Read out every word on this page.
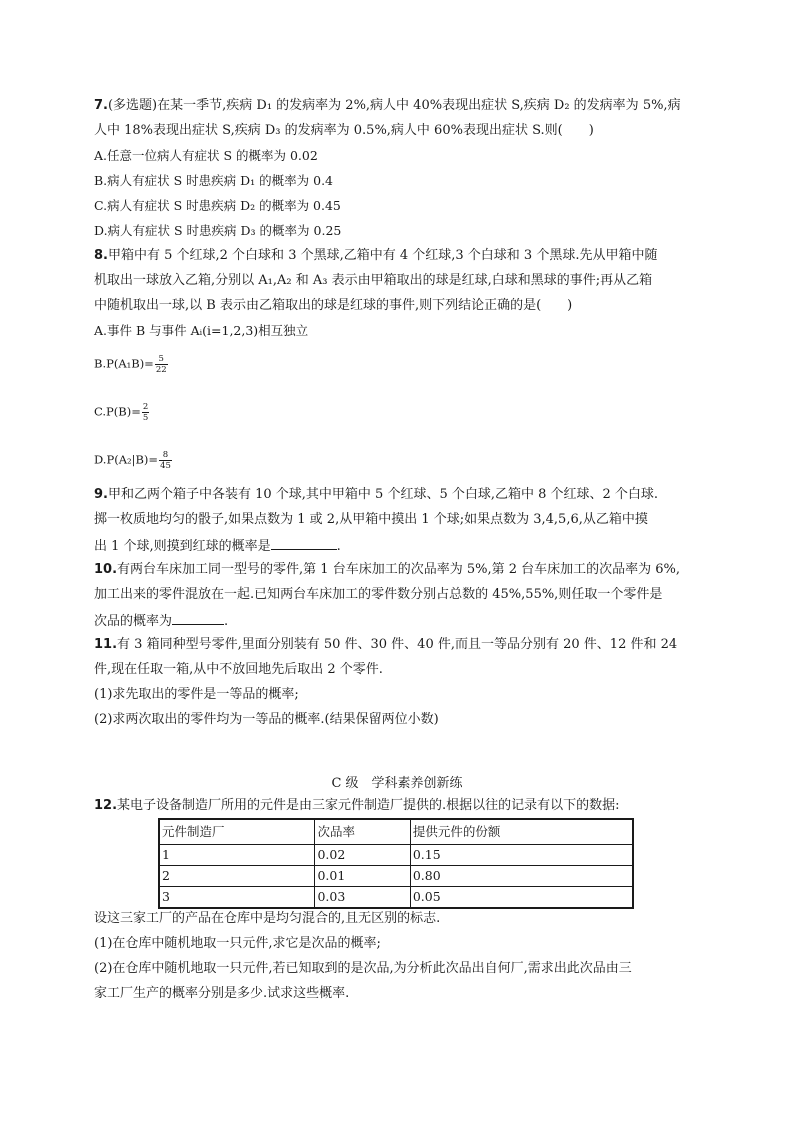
7.(多选题)在某一季节,疾病 D₁ 的发病率为 2%,病人中 40%表现出症状 S,疾病 D₂ 的发病率为 5%,病
人中 18%表现出症状 S,疾病 D₃ 的发病率为 0.5%,病人中 60%表现出症状 S.则(　　)
A.任意一位病人有症状 S 的概率为 0.02
B.病人有症状 S 时患疾病 D₁ 的概率为 0.4
C.病人有症状 S 时患疾病 D₂ 的概率为 0.45
D.病人有症状 S 时患疾病 D₃ 的概率为 0.25
8.甲箱中有 5 个红球,2 个白球和 3 个黑球,乙箱中有 4 个红球,3 个白球和 3 个黑球.先从甲箱中随
机取出一球放入乙箱,分别以 A₁,A₂ 和 A₃ 表示由甲箱取出的球是红球,白球和黑球的事件;再从乙箱
中随机取出一球,以 B 表示由乙箱取出的球是红球的事件,则下列结论正确的是(　　)
A.事件 B 与事件 Aᵢ(i=1,2,3)相互独立
$B.P(A_1B)= \frac{5}{22}$
$C.P(B)= \frac{2}{5}$
$D.P(A_2|B)= \frac{8}{45}$
9.甲和乙两个箱子中各装有 10 个球,其中甲箱中 5 个红球、5 个白球,乙箱中 8 个红球、2 个白球.
掷一枚质地均匀的骰子,如果点数为 1 或 2,从甲箱中摸出 1 个球;如果点数为 3,4,5,6,从乙箱中摸
出 1 个球,则摸到红球的概率是	.
10.有两台车床加工同一型号的零件,第 1 台车床加工的次品率为 5%,第 2 台车床加工的次品率为 6%,
加工出来的零件混放在一起.已知两台车床加工的零件数分别占总数的 45%,55%,则任取一个零件是
次品的概率为	.
11.有 3 箱同种型号零件,里面分别装有 50 件、30 件、40 件,而且一等品分别有 20 件、12 件和 24
件,现在任取一箱,从中不放回地先后取出 2 个零件.
(1)求先取出的零件是一等品的概率;
(2)求两次取出的零件均为一等品的概率.(结果保留两位小数)
C 级　学科素养创新练
12.某电子设备制造厂所用的元件是由三家元件制造厂提供的.根据以往的记录有以下的数据:
元件制造厂	次品率	提供元件的份额
1	0.02	0.15
2	0.01	0.80
3	0.03	0.05
设这三家工厂的产品在仓库中是均匀混合的,且无区别的标志.
(1)在仓库中随机地取一只元件,求它是次品的概率;
(2)在仓库中随机地取一只元件,若已知取到的是次品,为分析此次品出自何厂,需求出此次品由三
家工厂生产的概率分别是多少.试求这些概率.
